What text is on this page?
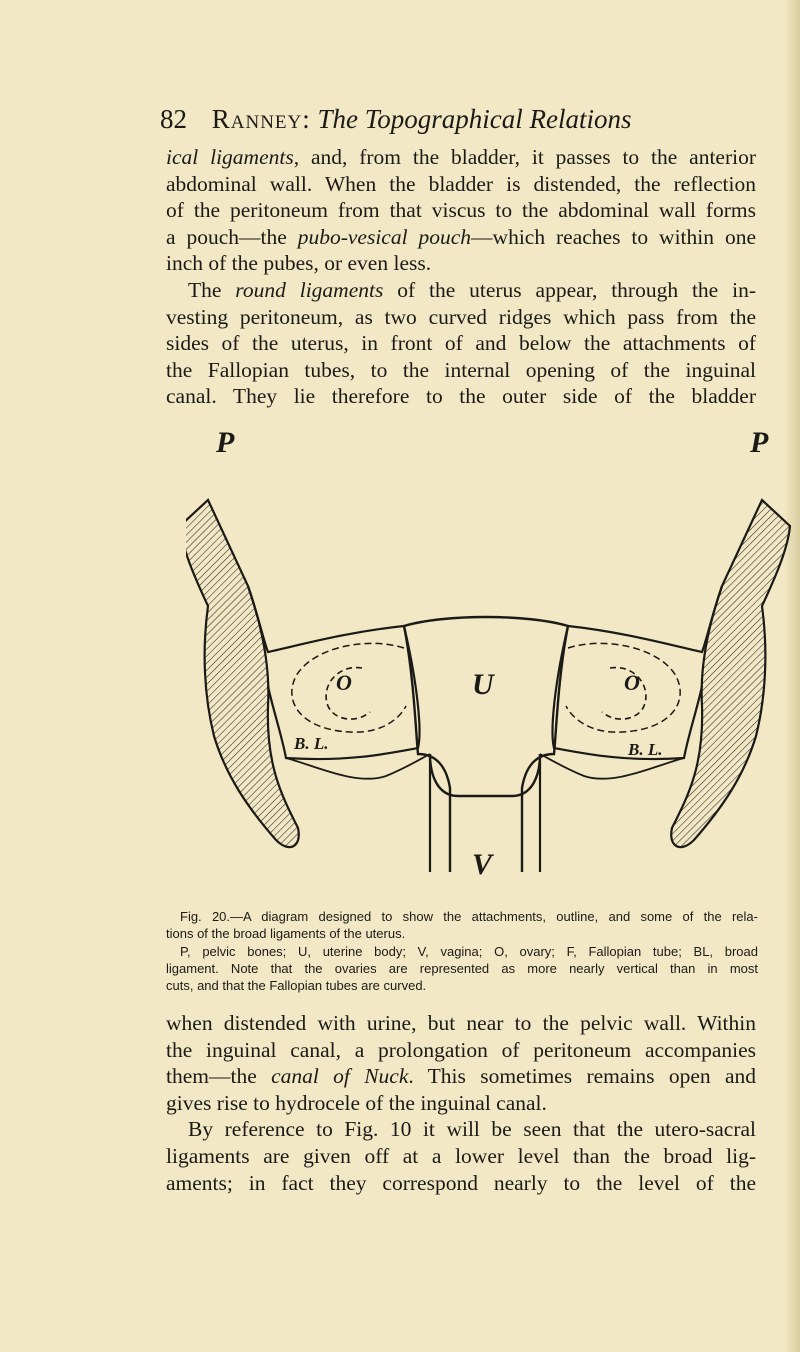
82 Ranney: The Topographical Relations
ical ligaments, and, from the bladder, it passes to the anterior
abdominal wall. When the bladder is distended, the reflection
of the peritoneum from that viscus to the abdominal wall forms
a pouch—the pubo-vesical pouch—which reaches to within one
inch of the pubes, or even less.
The round ligaments of the uterus appear, through the in-
vesting peritoneum, as two curved ridges which pass from the
sides of the uterus, in front of and below the attachments of
the Fallopian tubes, to the internal opening of the inguinal
canal. They lie therefore to the outer side of the bladder
P	P
O	O
U
V
B. L.	B. L.
Fig. 20.—A diagram designed to show the attachments, outline, and some of the rela-
tions of the broad ligaments of the uterus.
P, pelvic bones; U, uterine body; V, vagina; O, ovary; F, Fallopian tube; BL, broad
ligament. Note that the ovaries are represented as more nearly vertical than in most
cuts, and that the Fallopian tubes are curved.
when distended with urine, but near to the pelvic wall. Within
the inguinal canal, a prolongation of peritoneum accompanies
them—the canal of Nuck. This sometimes remains open and
gives rise to hydrocele of the inguinal canal.
By reference to Fig. 10 it will be seen that the utero-sacral
ligaments are given off at a lower level than the broad lig-
aments; in fact they correspond nearly to the level of the
